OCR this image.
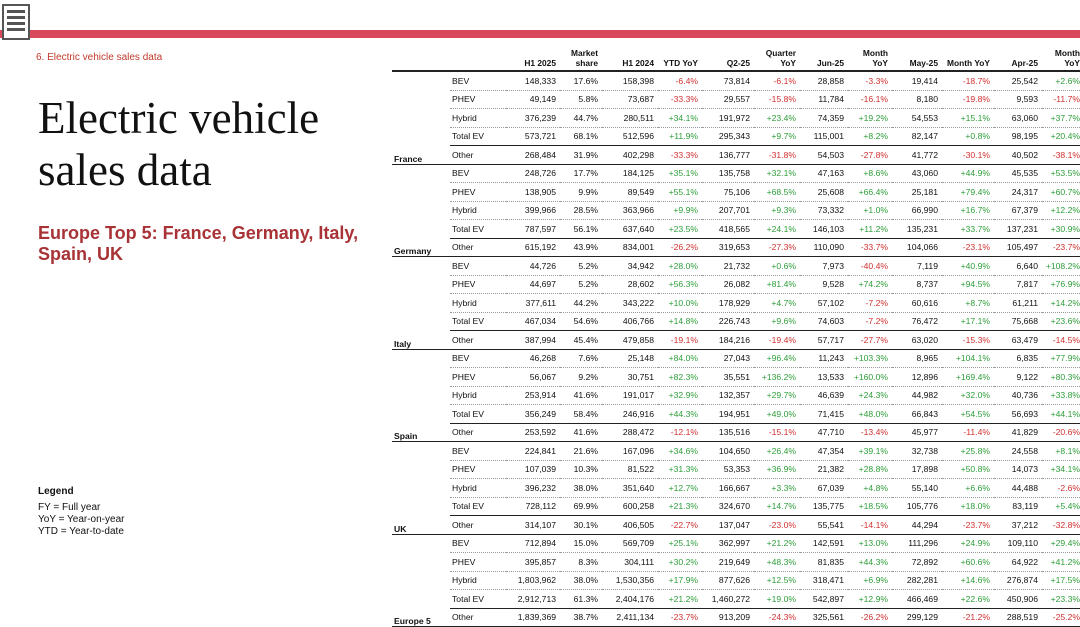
6. Electric vehicle sales data
Electric vehicle sales data
Europe Top 5: France, Germany, Italy, Spain, UK
Legend
FY = Full year
YoY = Year-on-year
YTD = Year-to-date
		H1 2025	Market share	H1 2024	YTD YoY	Q2-25	Quarter YoY	Jun-25	Month YoY	May-25	Month YoY	Apr-25	Month YoY
	BEV	148,333	17.6%	158,398	-6.4%	73,814	-6.1%	28,858	-3.3%	19,414	-18.7%	25,542	+2.6%
	PHEV	49,149	5.8%	73,687	-33.3%	29,557	-15.8%	11,784	-16.1%	8,180	-19.8%	9,593	-11.7%
	Hybrid	376,239	44.7%	280,511	+34.1%	191,972	+23.4%	74,359	+19.2%	54,553	+15.1%	63,060	+37.7%
	Total EV	573,721	68.1%	512,596	+11.9%	295,343	+9.7%	115,001	+8.2%	82,147	+0.8%	98,195	+20.4%
France	Other	268,484	31.9%	402,298	-33.3%	136,777	-31.8%	54,503	-27.8%	41,772	-30.1%	40,502	-38.1%
	BEV	248,726	17.7%	184,125	+35.1%	135,758	+32.1%	47,163	+8.6%	43,060	+44.9%	45,535	+53.5%
	PHEV	138,905	9.9%	89,549	+55.1%	75,106	+68.5%	25,608	+66.4%	25,181	+79.4%	24,317	+60.7%
	Hybrid	399,966	28.5%	363,966	+9.9%	207,701	+9.3%	73,332	+1.0%	66,990	+16.7%	67,379	+12.2%
	Total EV	787,597	56.1%	637,640	+23.5%	418,565	+24.1%	146,103	+11.2%	135,231	+33.7%	137,231	+30.9%
Germany	Other	615,192	43.9%	834,001	-26.2%	319,653	-27.3%	110,090	-33.7%	104,066	-23.1%	105,497	-23.7%
	BEV	44,726	5.2%	34,942	+28.0%	21,732	+0.6%	7,973	-40.4%	7,119	+40.9%	6,640	+108.2%
	PHEV	44,697	5.2%	28,602	+56.3%	26,082	+81.4%	9,528	+74.2%	8,737	+94.5%	7,817	+76.9%
	Hybrid	377,611	44.2%	343,222	+10.0%	178,929	+4.7%	57,102	-7.2%	60,616	+8.7%	61,211	+14.2%
	Total EV	467,034	54.6%	406,766	+14.8%	226,743	+9.6%	74,603	-7.2%	76,472	+17.1%	75,668	+23.6%
Italy	Other	387,994	45.4%	479,858	-19.1%	184,216	-19.4%	57,717	-27.7%	63,020	-15.3%	63,479	-14.5%
	BEV	46,268	7.6%	25,148	+84.0%	27,043	+96.4%	11,243	+103.3%	8,965	+104.1%	6,835	+77.9%
	PHEV	56,067	9.2%	30,751	+82.3%	35,551	+136.2%	13,533	+160.0%	12,896	+169.4%	9,122	+80.3%
	Hybrid	253,914	41.6%	191,017	+32.9%	132,357	+29.7%	46,639	+24.3%	44,982	+32.0%	40,736	+33.8%
	Total EV	356,249	58.4%	246,916	+44.3%	194,951	+49.0%	71,415	+48.0%	66,843	+54.5%	56,693	+44.1%
Spain	Other	253,592	41.6%	288,472	-12.1%	135,516	-15.1%	47,710	-13.4%	45,977	-11.4%	41,829	-20.6%
	BEV	224,841	21.6%	167,096	+34.6%	104,650	+26.4%	47,354	+39.1%	32,738	+25.8%	24,558	+8.1%
	PHEV	107,039	10.3%	81,522	+31.3%	53,353	+36.9%	21,382	+28.8%	17,898	+50.8%	14,073	+34.1%
	Hybrid	396,232	38.0%	351,640	+12.7%	166,667	+3.3%	67,039	+4.8%	55,140	+6.6%	44,488	-2.6%
	Total EV	728,112	69.9%	600,258	+21.3%	324,670	+14.7%	135,775	+18.5%	105,776	+18.0%	83,119	+5.4%
UK	Other	314,107	30.1%	406,505	-22.7%	137,047	-23.0%	55,541	-14.1%	44,294	-23.7%	37,212	-32.8%
	BEV	712,894	15.0%	569,709	+25.1%	362,997	+21.2%	142,591	+13.0%	111,296	+24.9%	109,110	+29.4%
	PHEV	395,857	8.3%	304,111	+30.2%	219,649	+48.3%	81,835	+44.3%	72,892	+60.6%	64,922	+41.2%
	Hybrid	1,803,962	38.0%	1,530,356	+17.9%	877,626	+12.5%	318,471	+6.9%	282,281	+14.6%	276,874	+17.5%
	Total EV	2,912,713	61.3%	2,404,176	+21.2%	1,460,272	+19.0%	542,897	+12.9%	466,469	+22.6%	450,906	+23.3%
Europe 5	Other	1,839,369	38.7%	2,411,134	-23.7%	913,209	-24.3%	325,561	-26.2%	299,129	-21.2%	288,519	-25.2%
